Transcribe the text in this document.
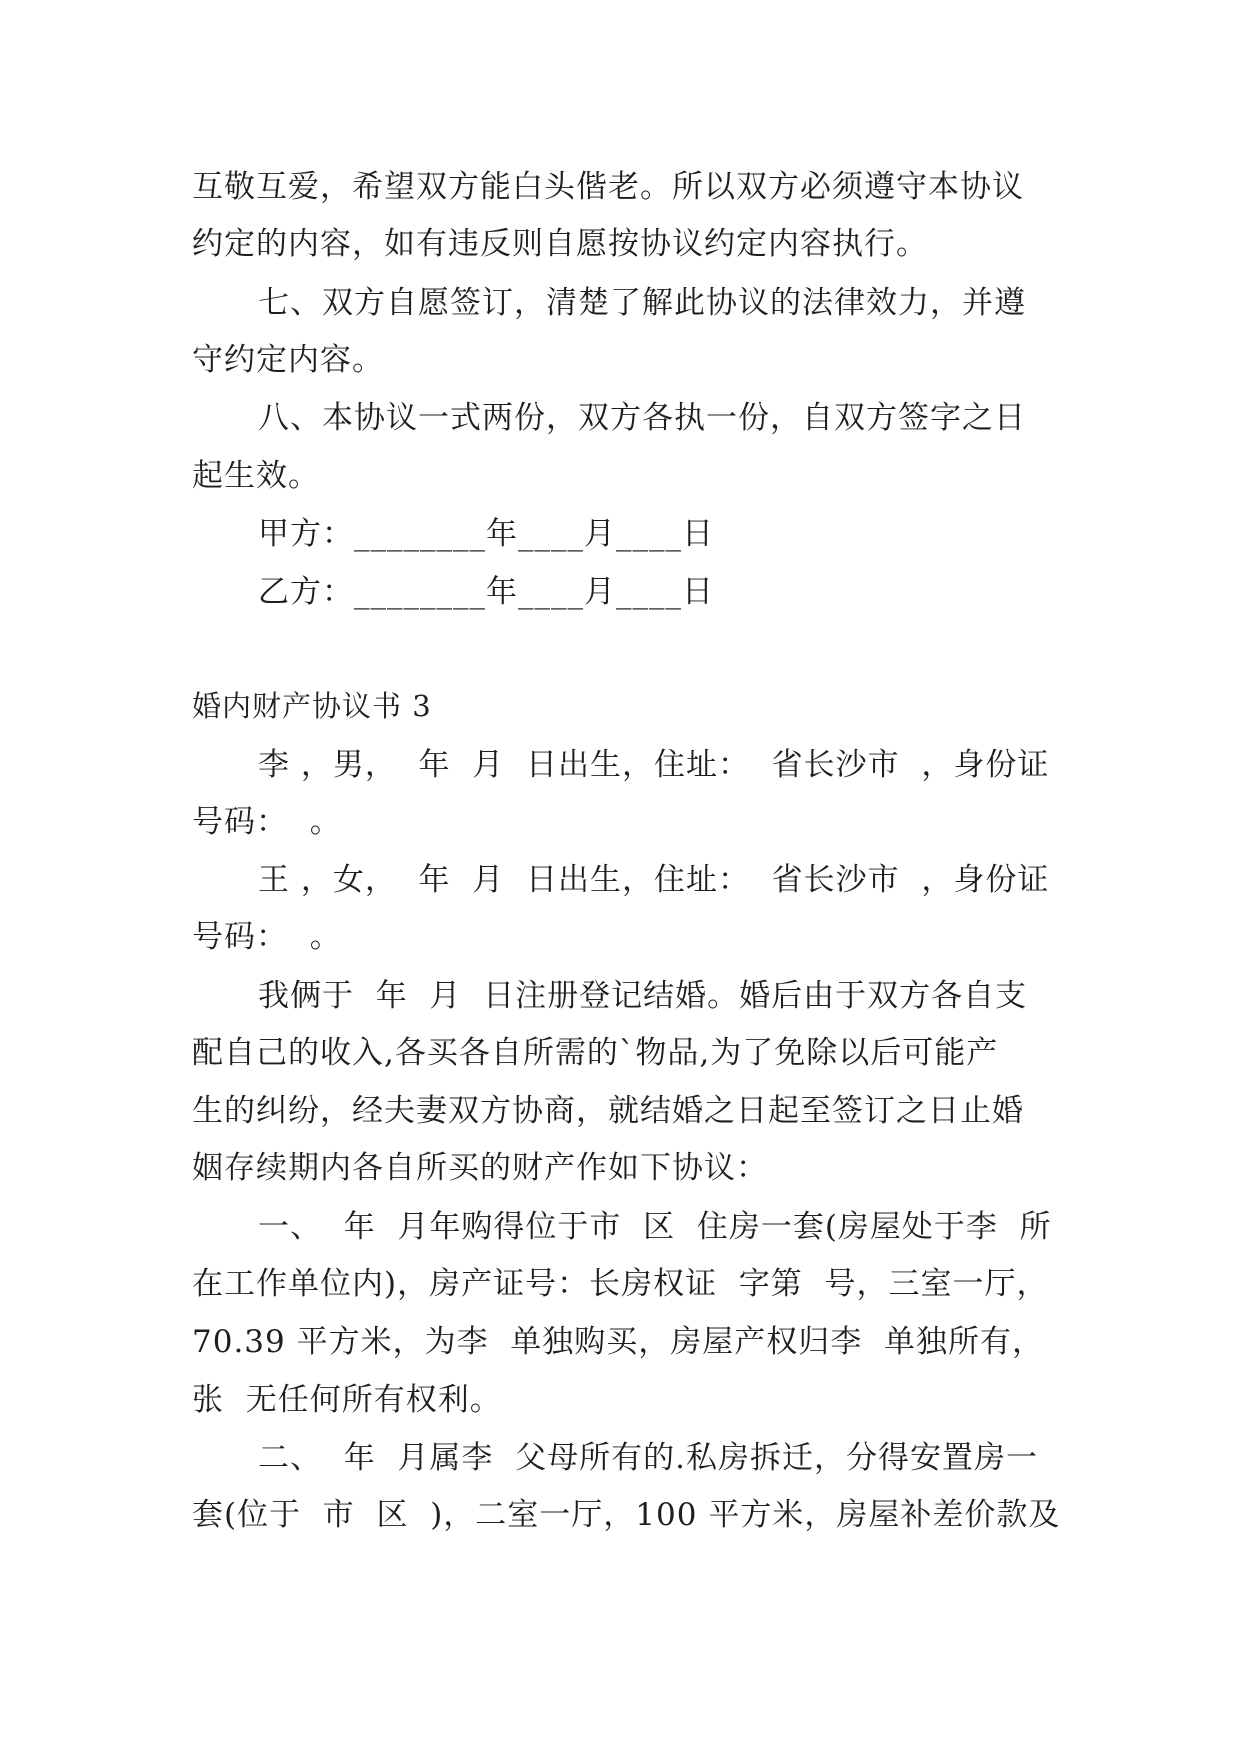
互敬互爱，希望双方能白头偕老。所以双方必须遵守本协议
约定的内容，如有违反则自愿按协议约定内容执行。
七、双方自愿签订，清楚了解此协议的法律效力，并遵
守约定内容。
八、本协议一式两份，双方各执一份，自双方签字之日
起生效。
甲方：________年____月____日
乙方：________年____月____日
婚内财产协议书 3
李 ，男，  年  月  日出生，住址：  省长沙市  ，身份证
号码：  。
王 ，女，  年  月  日出生，住址：  省长沙市  ，身份证
号码：  。
我俩于  年  月  日注册登记结婚。婚后由于双方各自支
配自己的收入,各买各自所需的`物品,为了免除以后可能产
生的纠纷，经夫妻双方协商，就结婚之日起至签订之日止婚
姻存续期内各自所买的财产作如下协议：
一、  年  月年购得位于市  区  住房一套(房屋处于李  所
在工作单位内)，房产证号：长房权证  字第  号，三室一厅，
70.39 平方米，为李  单独购买，房屋产权归李  单独所有，
张  无任何所有权利。
二、  年  月属李  父母所有的.私房拆迁，分得安置房一
套(位于  市  区  )，二室一厅，100 平方米，房屋补差价款及
